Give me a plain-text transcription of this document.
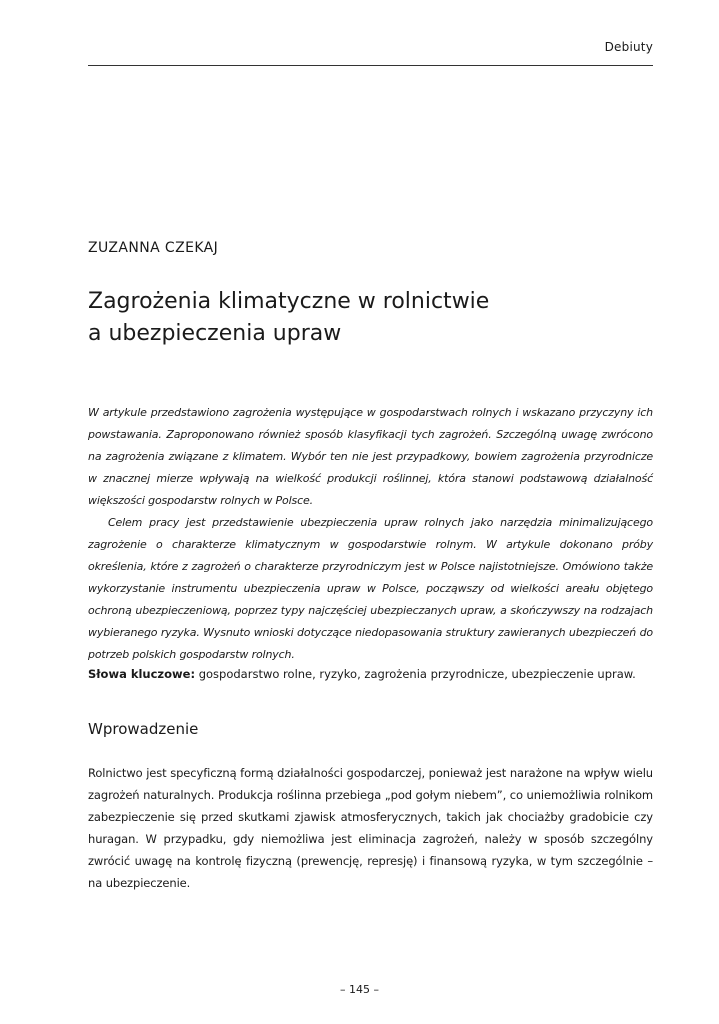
Debiuty
ZUZANNA CZEKAJ
Zagrożenia klimatyczne w rolnictwie
a ubezpieczenia upraw

W artykule przedstawiono zagrożenia występujące w gospodarstwach rolnych i wskazano przyczyny ich powstawania. Zaproponowano również sposób klasyfikacji tych zagrożeń. Szczególną uwagę zwrócono na zagrożenia związane z klimatem. Wybór ten nie jest przypadkowy, bowiem zagrożenia przyrodnicze w znacznej mierze wpływają na wielkość produkcji roślinnej, która stanowi podstawową działalność większości gospodarstw rolnych w Polsce.

Celem pracy jest przedstawienie ubezpieczenia upraw rolnych jako narzędzia minimalizującego zagrożenie o charakterze klimatycznym w gospodarstwie rolnym. W artykule dokonano próby określenia, które z zagrożeń o charakterze przyrodniczym jest w Polsce najistotniejsze. Omówiono także wykorzystanie instrumentu ubezpieczenia upraw w Polsce, począwszy od wielkości areału objętego ochroną ubezpieczeniową, poprzez typy najczęściej ubezpieczanych upraw, a skończywszy na rodzajach wybieranego ryzyka. Wysnuto wnioski dotyczące niedopasowania struktury zawieranych ubezpieczeń do potrzeb polskich gospodarstw rolnych.

Słowa kluczowe: gospodarstwo rolne, ryzyko, zagrożenia przyrodnicze, ubezpieczenie upraw.

Wprowadzenie

Rolnictwo jest specyficzną formą działalności gospodarczej, ponieważ jest narażone na wpływ wielu zagrożeń naturalnych. Produkcja roślinna przebiega „pod gołym niebem”, co uniemożliwia rolnikom zabezpieczenie się przed skutkami zjawisk atmosferycznych, takich jak chociażby gradobicie czy huragan. W przypadku, gdy niemożliwa jest eliminacja zagrożeń, należy w sposób szczególny zwrócić uwagę na kontrolę fizyczną (prewencję, represję) i finansową ryzyka, w tym szczególnie – na ubezpieczenie.

– 145 –
